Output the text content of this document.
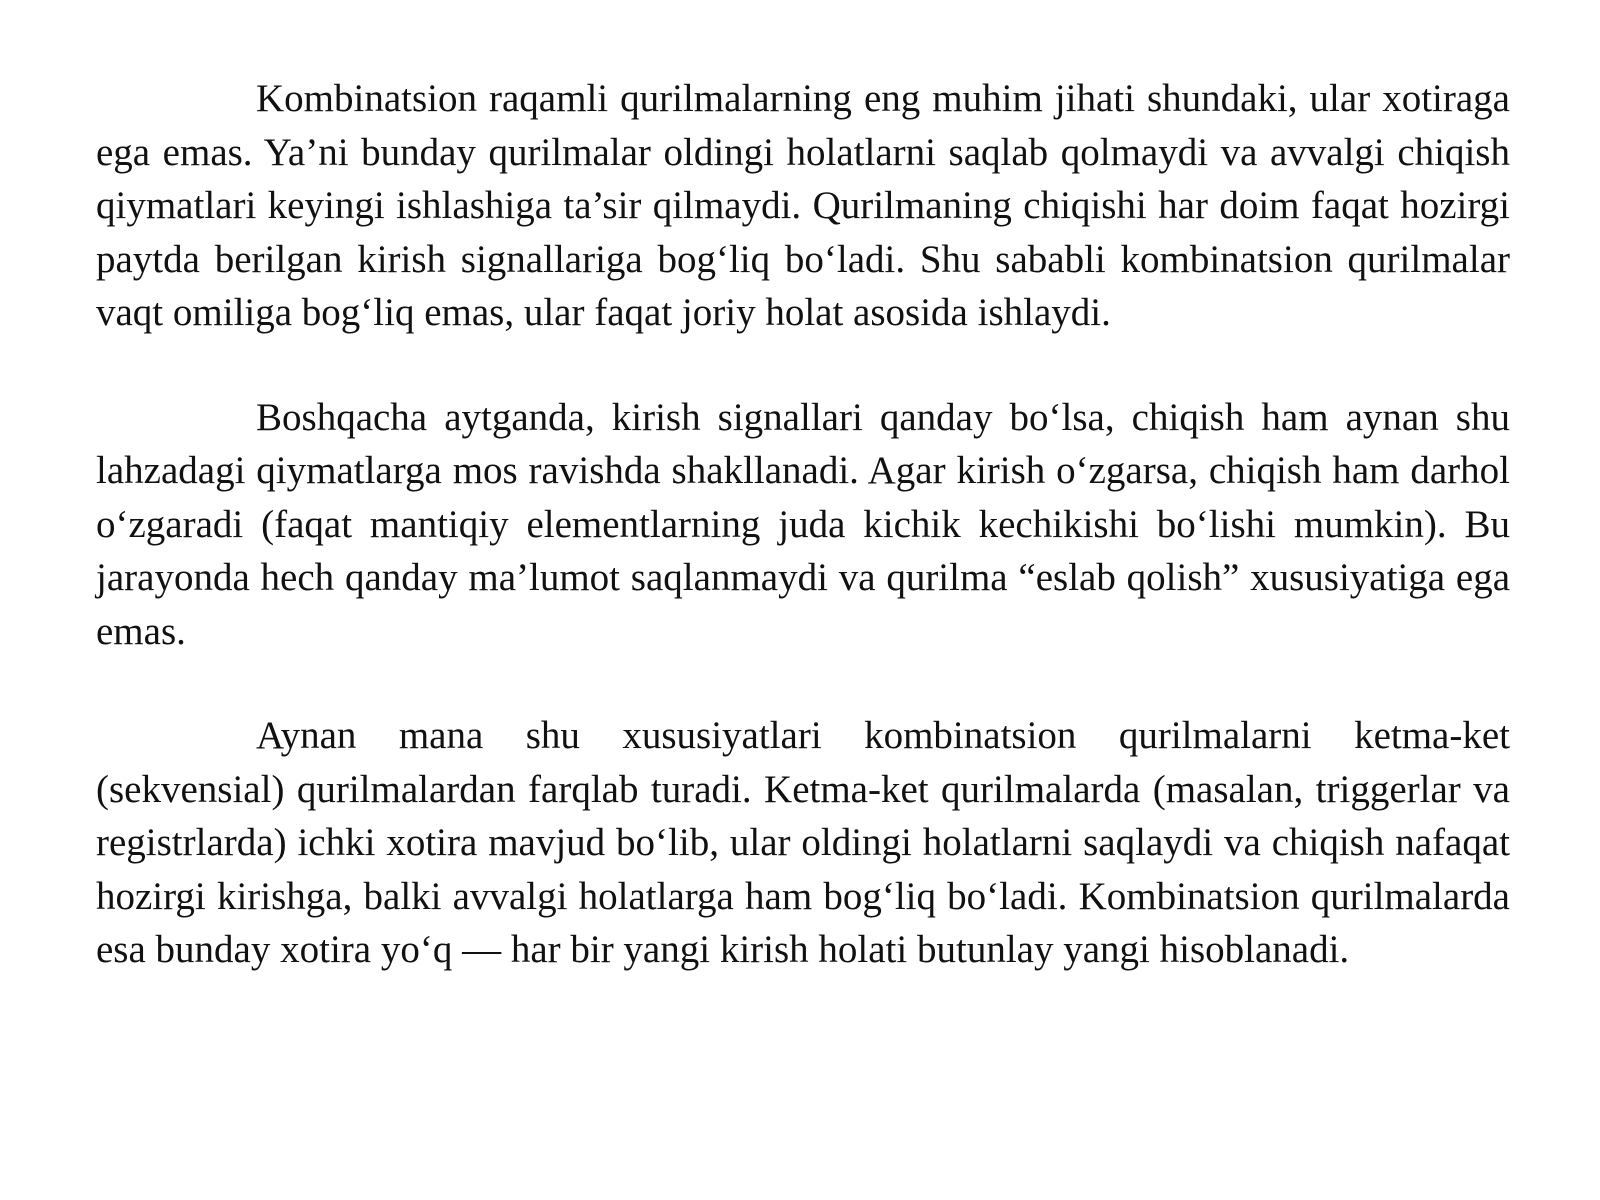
Kombinatsion raqamli qurilmalarning eng muhim jihati shundaki, ular xotiraga ega emas. Ya’ni bunday qurilmalar oldingi holatlarni saqlab qolmaydi va avvalgi chiqish qiymatlari keyingi ishlashiga ta’sir qilmaydi. Qurilmaning chiqishi har doim faqat hozirgi paytda berilgan kirish signallariga bog‘liq bo‘ladi. Shu sababli kombinatsion qurilmalar vaqt omiliga bog‘liq emas, ular faqat joriy holat asosida ishlaydi.

Boshqacha aytganda, kirish signallari qanday bo‘lsa, chiqish ham aynan shu lahzadagi qiymatlarga mos ravishda shakllanadi. Agar kirish o‘zgarsa, chiqish ham darhol o‘zgaradi (faqat mantiqiy elementlarning juda kichik kechikishi bo‘lishi mumkin). Bu jarayonda hech qanday ma’lumot saqlanmaydi va qurilma “eslab qolish” xususiyatiga ega emas.

Aynan mana shu xususiyatlari kombinatsion qurilmalarni ketma-ket (sekvensial) qurilmalardan farqlab turadi. Ketma-ket qurilmalarda (masalan, triggerlar va registrlarda) ichki xotira mavjud bo‘lib, ular oldingi holatlarni saqlaydi va chiqish nafaqat hozirgi kirishga, balki avvalgi holatlarga ham bog‘liq bo‘ladi. Kombinatsion qurilmalarda esa bunday xotira yo‘q — har bir yangi kirish holati butunlay yangi hisoblanadi.
